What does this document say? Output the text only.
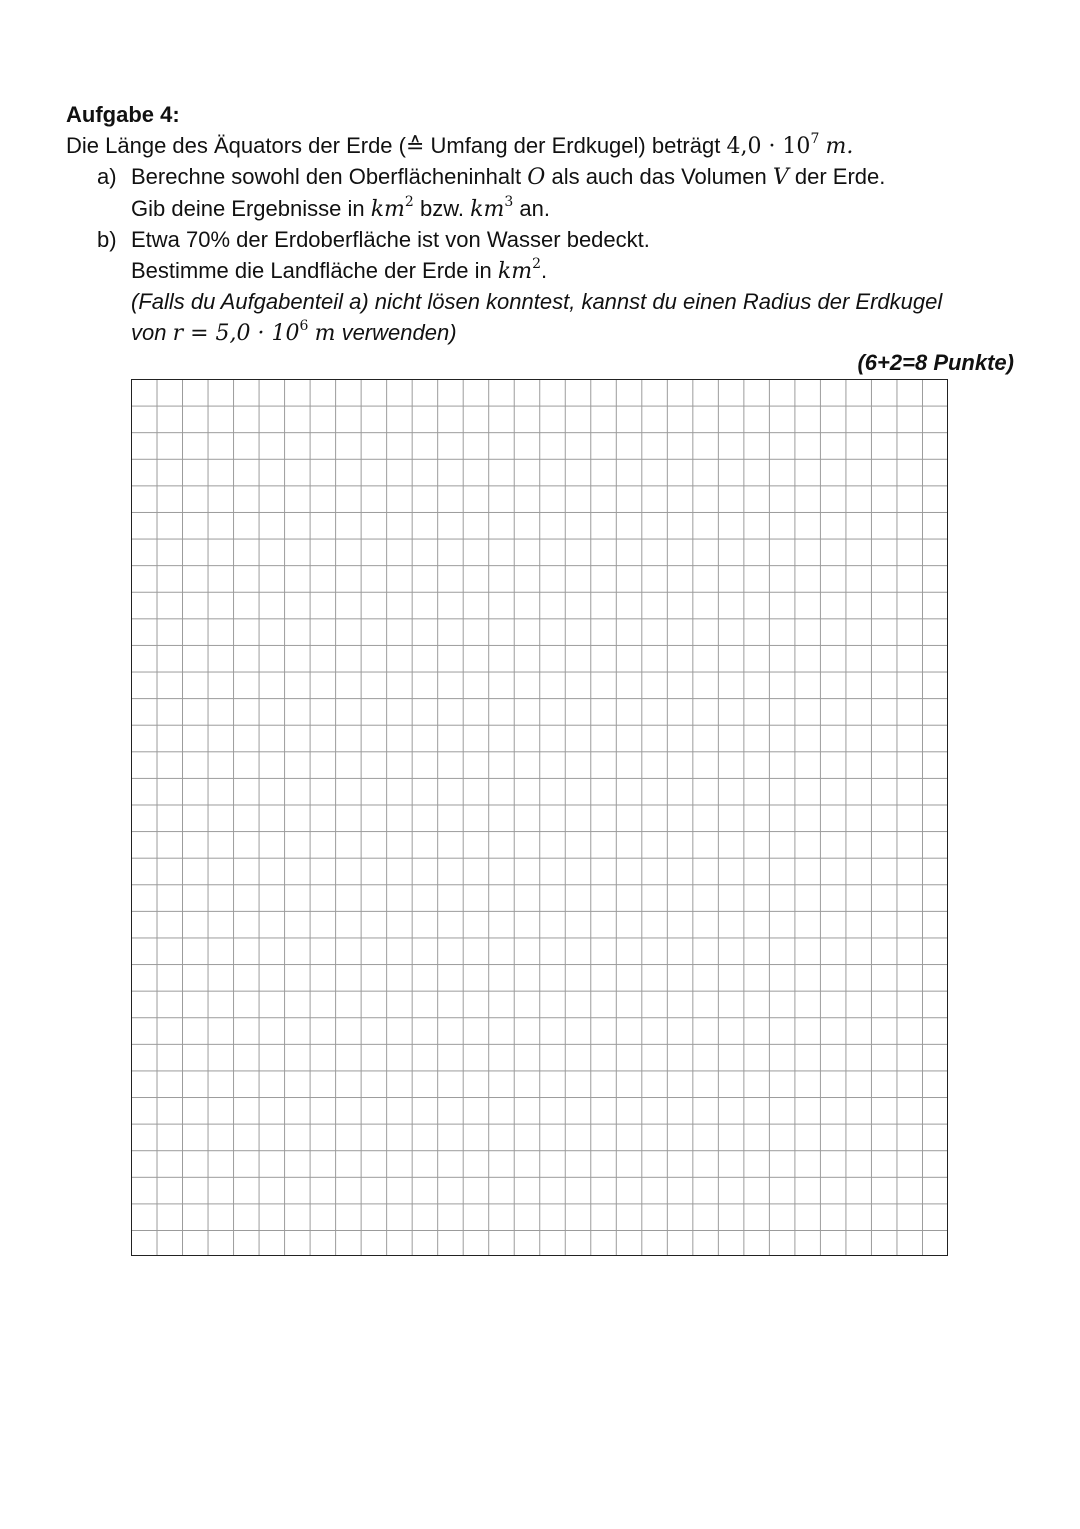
Aufgabe 4:
Die Länge des Äquators der Erde (≙ Umfang der Erdkugel) beträgt $4,0 \cdot 10^7$ m.
a) Berechne sowohl den Oberflächeninhalt O als auch das Volumen V der Erde.
Gib deine Ergebnisse in $km^2$ bzw. $km^3$ an.
b) Etwa 70% der Erdoberfläche ist von Wasser bedeckt.
Bestimme die Landfläche der Erde in $km^2$.
(Falls du Aufgabenteil a) nicht lösen konntest, kannst du einen Radius der Erdkugel
von $r = 5,0 \cdot 10^6$ m verwenden)
(6+2=8 Punkte)
